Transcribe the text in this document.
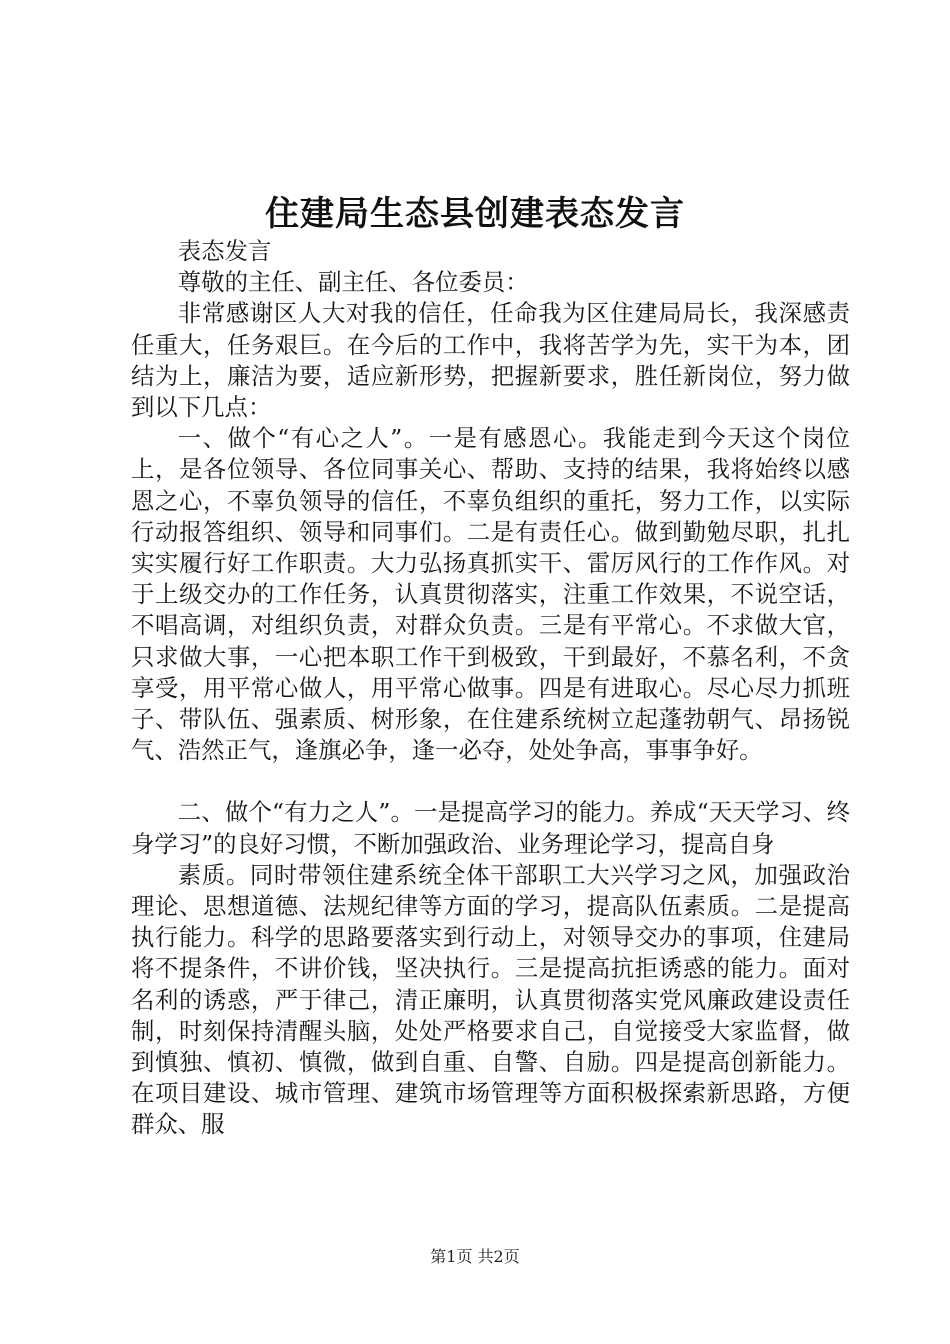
住建局生态县创建表态发言

表态发言

尊敬的主任、副主任、各位委员：

非常感谢区人大对我的信任，任命我为区住建局局长，我深感责任重大，任务艰巨。在今后的工作中，我将苦学为先，实干为本，团结为上，廉洁为要，适应新形势，把握新要求，胜任新岗位，努力做到以下几点：

一、做个“有心之人”。一是有感恩心。我能走到今天这个岗位上，是各位领导、各位同事关心、帮助、支持的结果，我将始终以感恩之心，不辜负领导的信任，不辜负组织的重托，努力工作，以实际行动报答组织、领导和同事们。二是有责任心。做到勤勉尽职，扎扎实实履行好工作职责。大力弘扬真抓实干、雷厉风行的工作作风。对于上级交办的工作任务，认真贯彻落实，注重工作效果，不说空话，不唱高调，对组织负责，对群众负责。三是有平常心。不求做大官，只求做大事，一心把本职工作干到极致，干到最好，不慕名利，不贪享受，用平常心做人，用平常心做事。四是有进取心。尽心尽力抓班子、带队伍、强素质、树形象，在住建系统树立起蓬勃朝气、昂扬锐气、浩然正气，逢旗必争，逢一必夺，处处争高，事事争好。

二、做个“有力之人”。一是提高学习的能力。养成“天天学习、终身学习”的良好习惯，不断加强政治、业务理论学习，提高自身

素质。同时带领住建系统全体干部职工大兴学习之风，加强政治理论、思想道德、法规纪律等方面的学习，提高队伍素质。二是提高执行能力。科学的思路要落实到行动上，对领导交办的事项，住建局将不提条件，不讲价钱，坚决执行。三是提高抗拒诱惑的能力。面对名利的诱惑，严于律己，清正廉明，认真贯彻落实党风廉政建设责任制，时刻保持清醒头脑，处处严格要求自己，自觉接受大家监督，做到慎独、慎初、慎微，做到自重、自警、自励。四是提高创新能力。在项目建设、城市管理、建筑市场管理等方面积极探索新思路，方便群众、服

第1页 共2页
